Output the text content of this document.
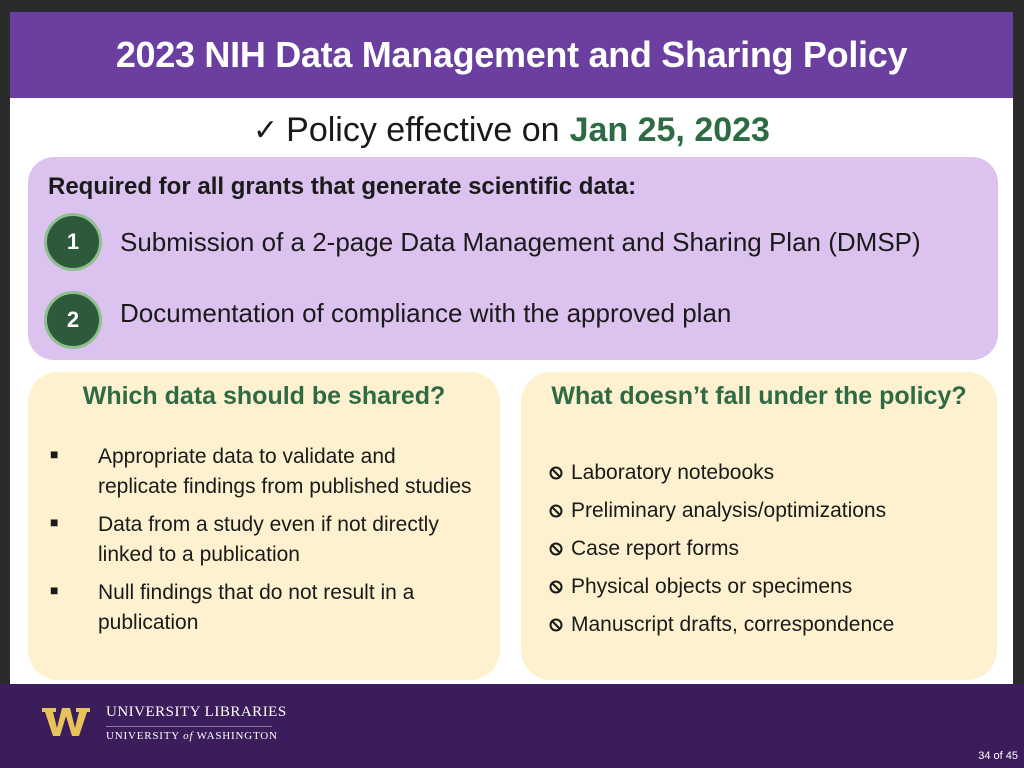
2023 NIH Data Management and Sharing Policy
✓ Policy effective on Jan 25, 2023
Required for all grants that generate scientific data:
1	Submission of a 2-page Data Management and Sharing Plan (DMSP)
2	Documentation of compliance with the approved plan
Which data should be shared?
■	Appropriate data to validate and replicate findings from published studies
■	Data from a study even if not directly linked to a publication
■	Null findings that do not result in a publication
What doesn’t fall under the policy?
Laboratory notebooks
Preliminary analysis/optimizations
Case report forms
Physical objects or specimens
Manuscript drafts, correspondence
UNIVERSITY LIBRARIES
UNIVERSITY of WASHINGTON
34 of 45
